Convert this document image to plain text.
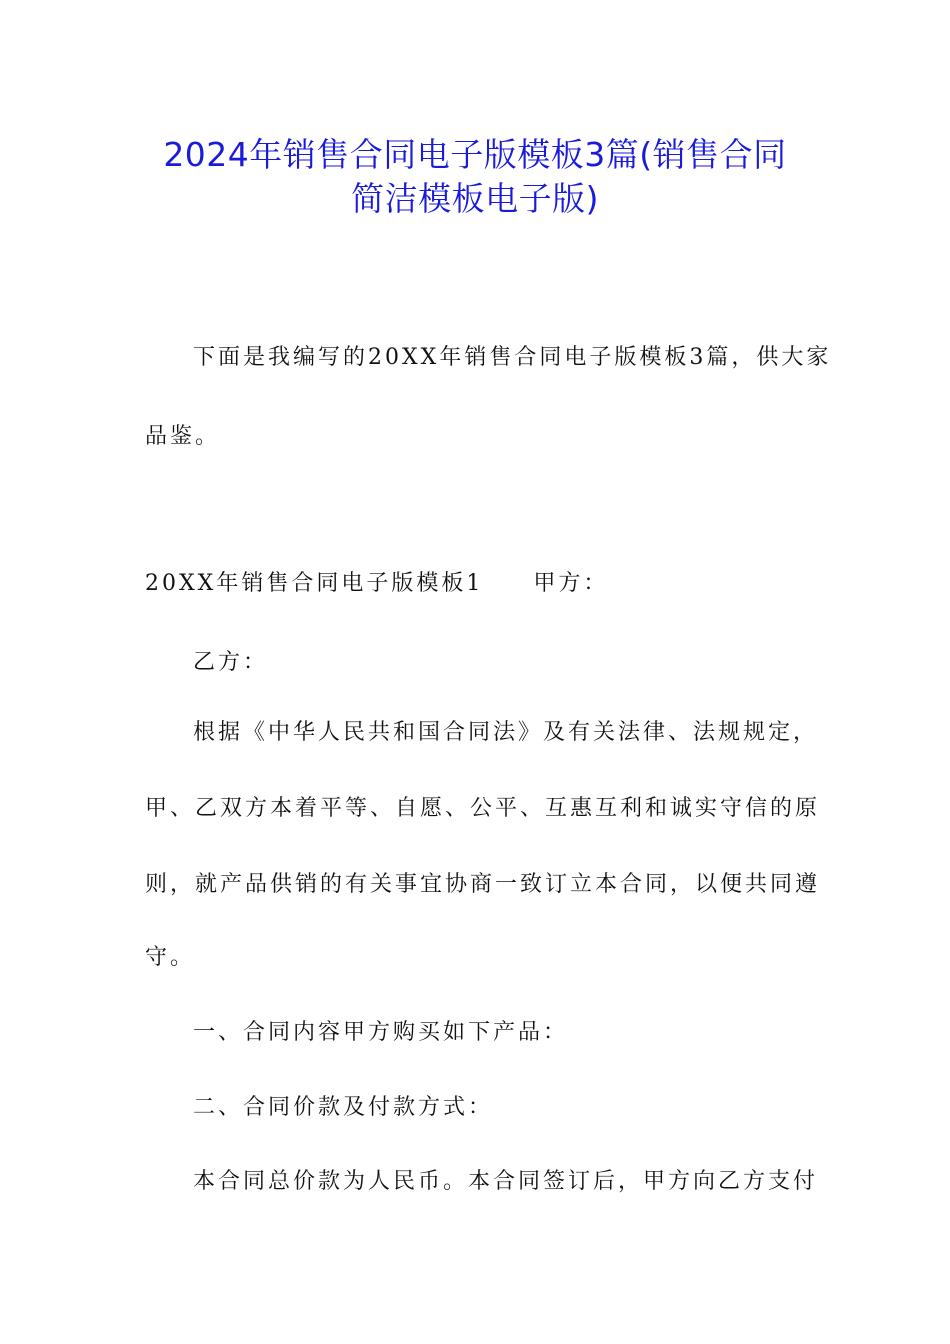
2024年销售合同电子版模板3篇(销售合同
简洁模板电子版)
下面是我编写的20XX年销售合同电子版模板3篇，供大家
品鉴。
20XX年销售合同电子版模板1 甲方：
乙方：
根据《中华人民共和国合同法》及有关法律、法规规定，
甲、乙双方本着平等、自愿、公平、互惠互利和诚实守信的原
则，就产品供销的有关事宜协商一致订立本合同，以便共同遵
守。
一、合同内容甲方购买如下产品：
二、合同价款及付款方式：
本合同总价款为人民币。本合同签订后，甲方向乙方支付
